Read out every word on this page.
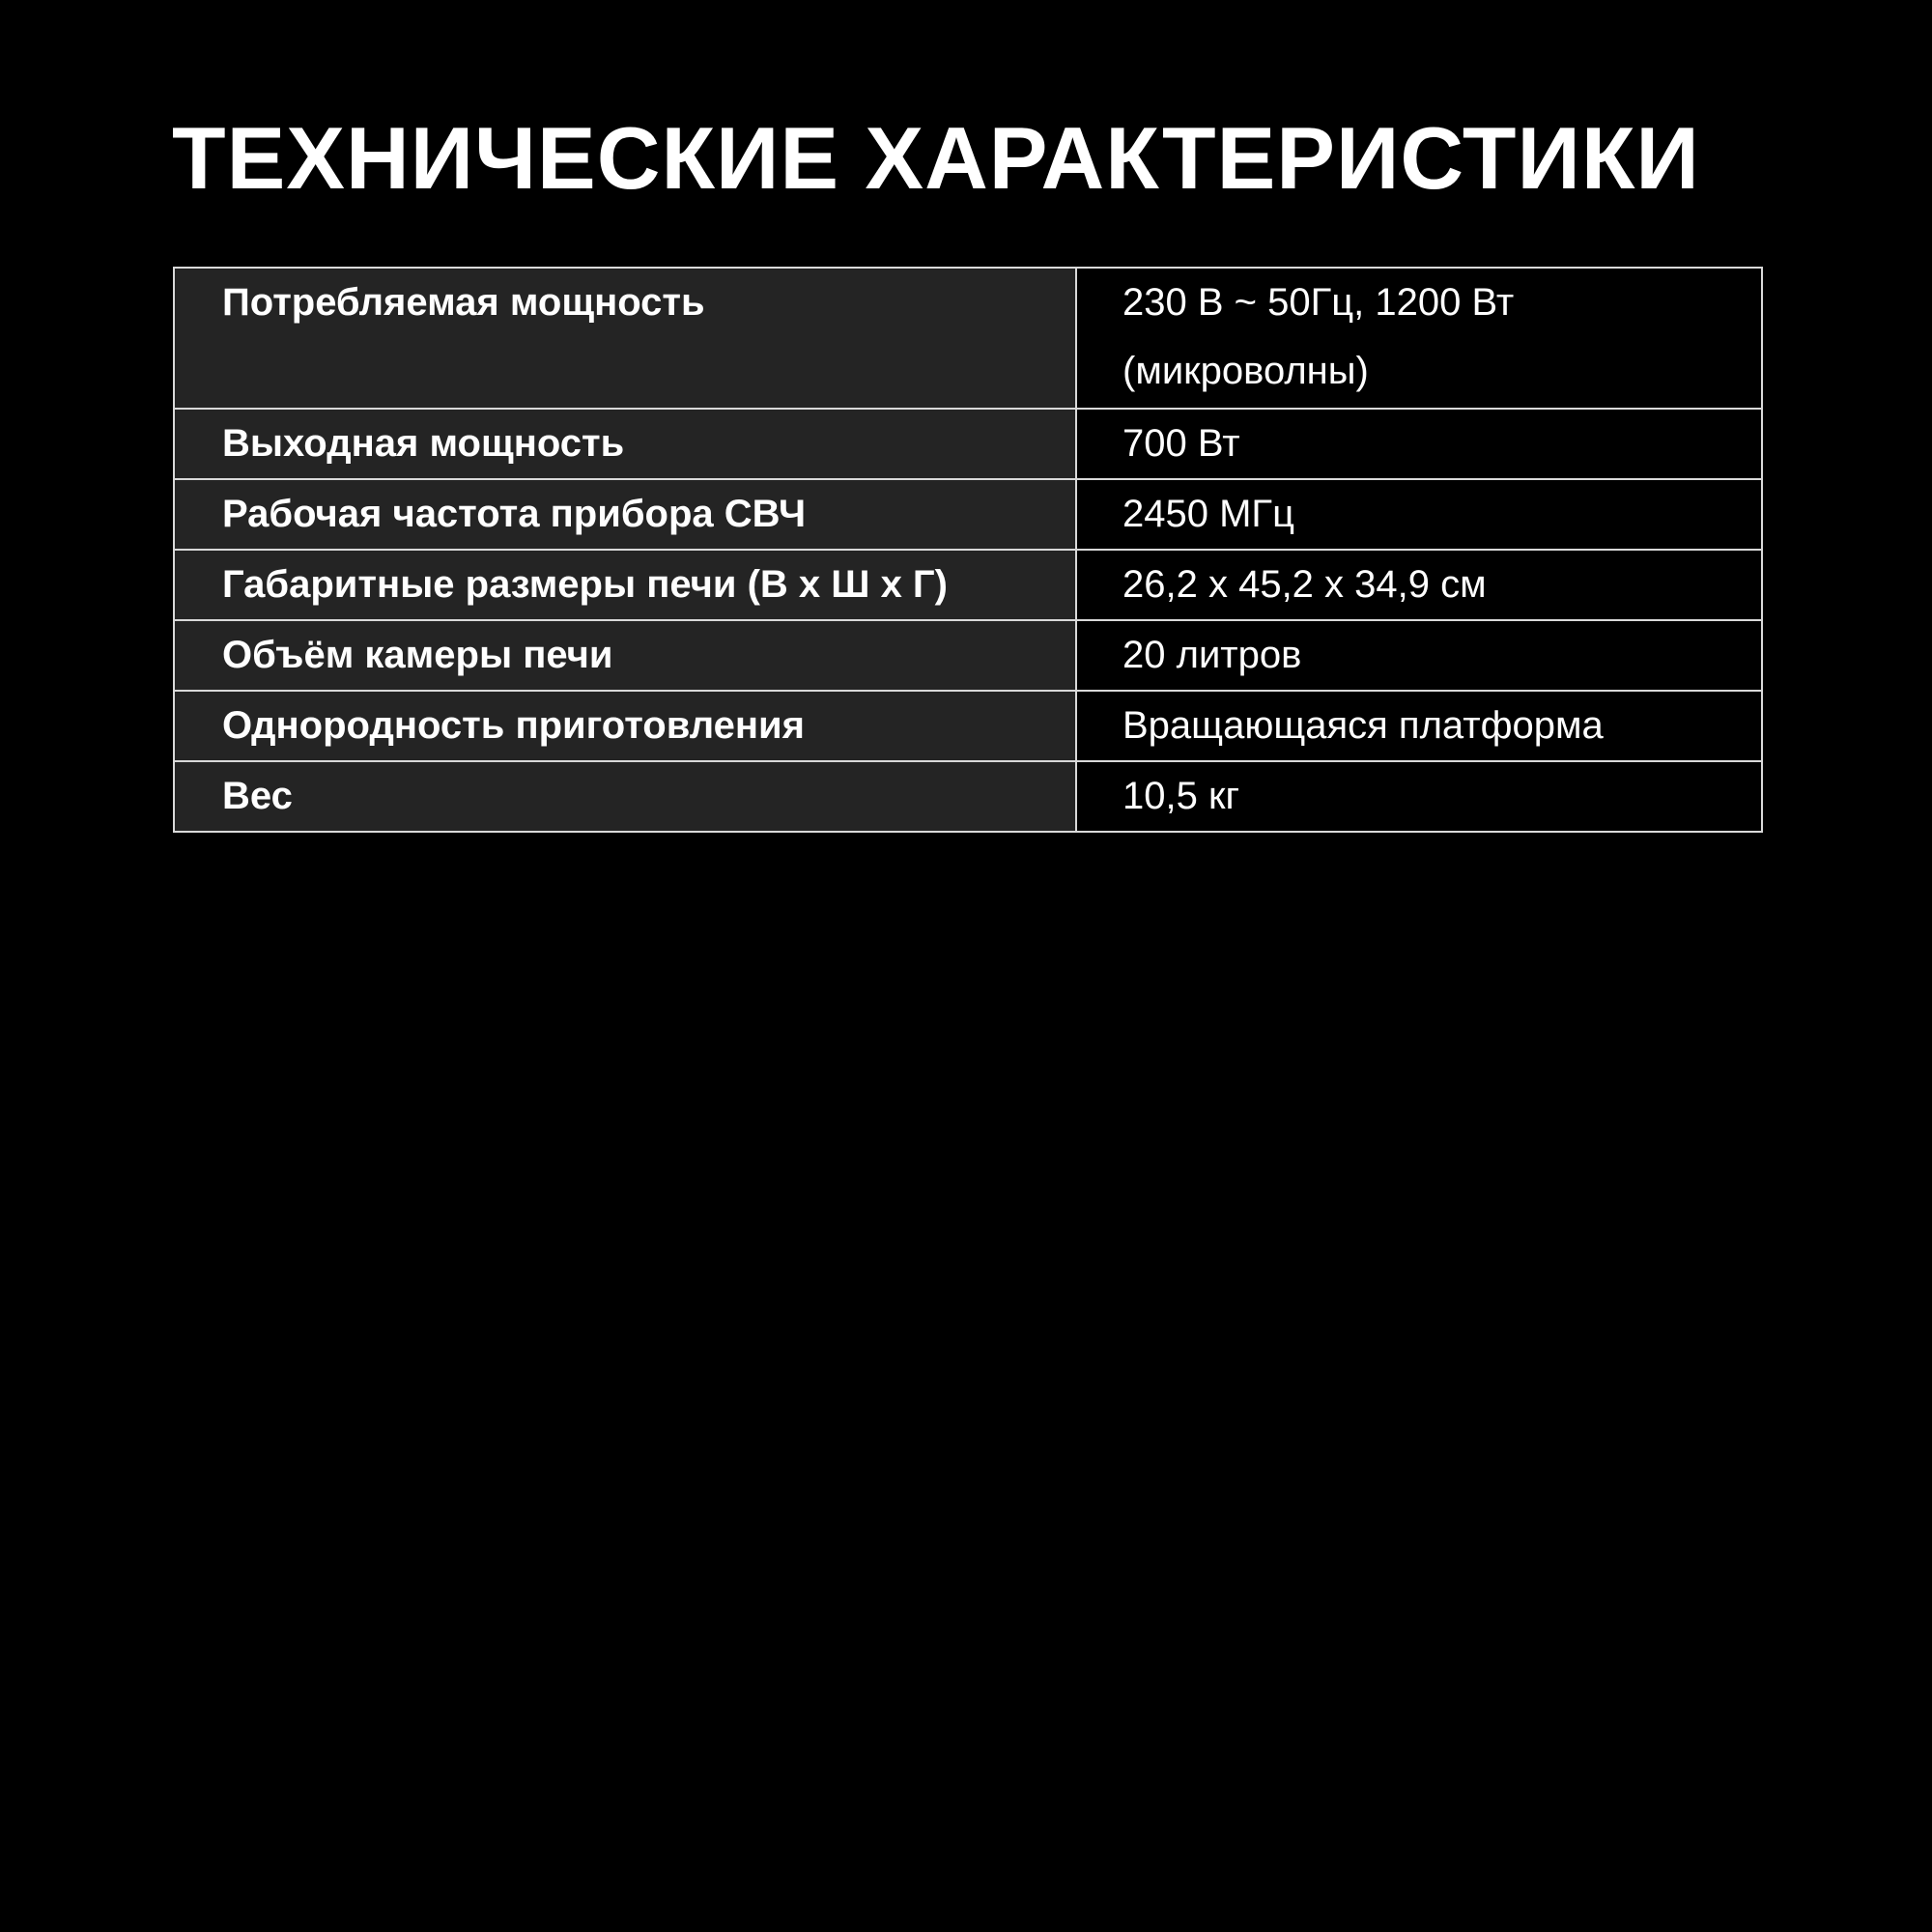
ТЕХНИЧЕСКИЕ ХАРАКТЕРИСТИКИ
Потребляемая мощность	230 В ~ 50Гц, 1200 Вт
(микроволны)

Выходная мощность	700 Вт

Рабочая частота прибора СВЧ	2450 МГц

Габаритные размеры печи (В х Ш х Г)	26,2 х 45,2 х 34,9 см

Объём камеры печи	20 литров

Однородность приготовления	Вращающаяся платформа

Вес	10,5 кг
